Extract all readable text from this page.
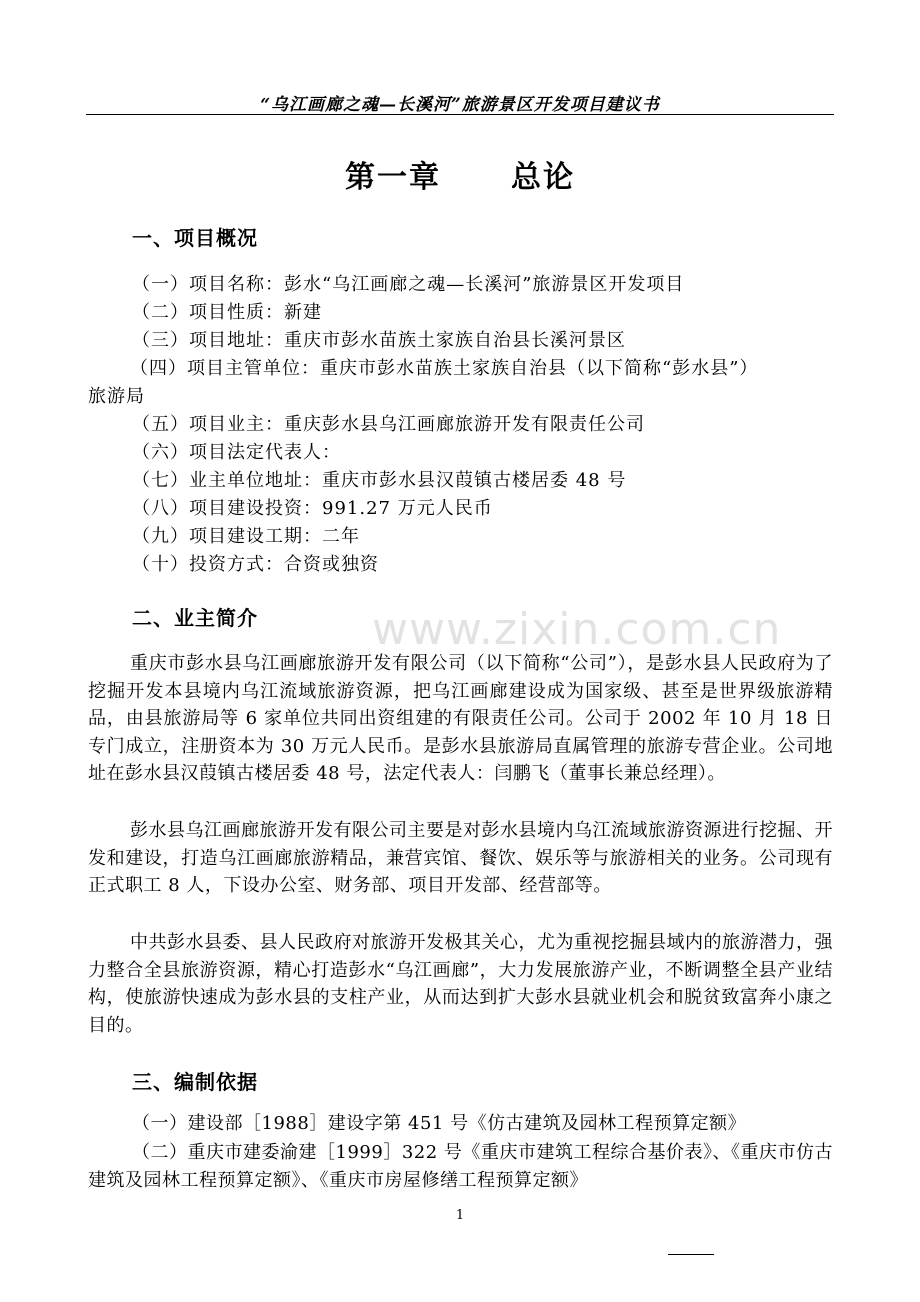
“乌江画廊之魂—长溪河”旅游景区开发项目建议书
第一章 总论
一、项目概况
（一）项目名称：彭水“乌江画廊之魂—长溪河”旅游景区开发项目
（二）项目性质：新建
（三）项目地址：重庆市彭水苗族土家族自治县长溪河景区
（四）项目主管单位：重庆市彭水苗族土家族自治县（以下简称“彭水县”）
旅游局
（五）项目业主：重庆彭水县乌江画廊旅游开发有限责任公司
（六）项目法定代表人：
（七）业主单位地址：重庆市彭水县汉葭镇古楼居委 48 号
（八）项目建设投资：991.27 万元人民币
（九）项目建设工期：二年
（十）投资方式：合资或独资
二、业主简介	www.zixin.com.cn
重庆市彭水县乌江画廊旅游开发有限公司（以下简称“公司”），是彭水县人民政府为了挖掘开发本县境内乌江流域旅游资源，把乌江画廊建设成为国家级、甚至是世界级旅游精品，由县旅游局等 6 家单位共同出资组建的有限责任公司。公司于 2002 年 10 月 18 日专门成立，注册资本为 30 万元人民币。是彭水县旅游局直属管理的旅游专营企业。公司地址在彭水县汉葭镇古楼居委 48 号，法定代表人：闫鹏飞（董事长兼总经理）。
彭水县乌江画廊旅游开发有限公司主要是对彭水县境内乌江流域旅游资源进行挖掘、开发和建设，打造乌江画廊旅游精品，兼营宾馆、餐饮、娱乐等与旅游相关的业务。公司现有正式职工 8 人，下设办公室、财务部、项目开发部、经营部等。
中共彭水县委、县人民政府对旅游开发极其关心，尤为重视挖掘县域内的旅游潜力，强力整合全县旅游资源，精心打造彭水“乌江画廊”，大力发展旅游产业，不断调整全县产业结构，使旅游快速成为彭水县的支柱产业，从而达到扩大彭水县就业机会和脱贫致富奔小康之目的。
三、编制依据
（一）建设部［1988］建设字第 451 号《仿古建筑及园林工程预算定额》
（二）重庆市建委渝建［1999］322 号《重庆市建筑工程综合基价表》、《重庆市仿古建筑及园林工程预算定额》、《重庆市房屋修缮工程预算定额》
1
